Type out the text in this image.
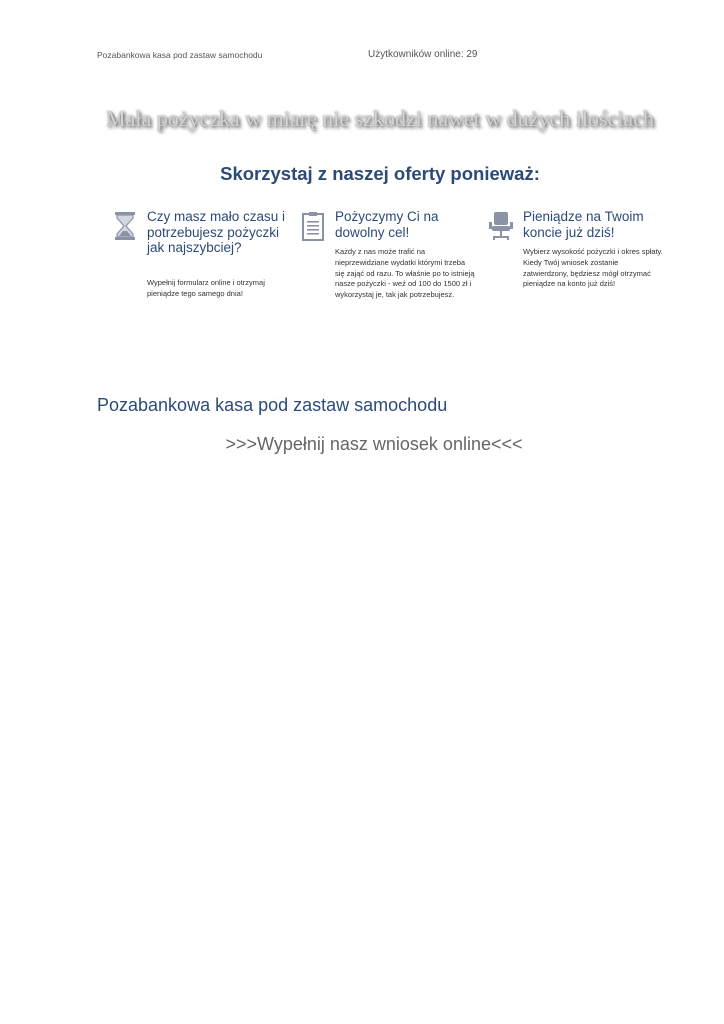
Pozabankowa kasa pod zastaw samochodu	Użytkowników online: 29
Mała pożyczka w miarę nie szkodzi nawet w dużych ilościach
Skorzystaj z naszej oferty ponieważ:
Czy masz mało czasu i potrzebujesz pożyczki jak najszybciej?
Wypełnij formularz online i otrzymaj pieniądze tego samego dnia!
Pożyczymy Ci na dowolny cel!
Każdy z nas może trafić na nieprzewidziane wydatki którymi trzeba się zająć od razu. To właśnie po to istnieją nasze pożyczki - weź od 100 do 1500 zł i wykorzystaj je, tak jak potrzebujesz.
Pieniądze na Twoim koncie już dziś!
Wybierz wysokość pożyczki i okres spłaty. Kiedy Twój wniosek zostanie zatwierdzony, będziesz mógł otrzymać pieniądze na konto już dziś!
Pozabankowa kasa pod zastaw samochodu
>>>Wypełnij nasz wniosek online<<<
